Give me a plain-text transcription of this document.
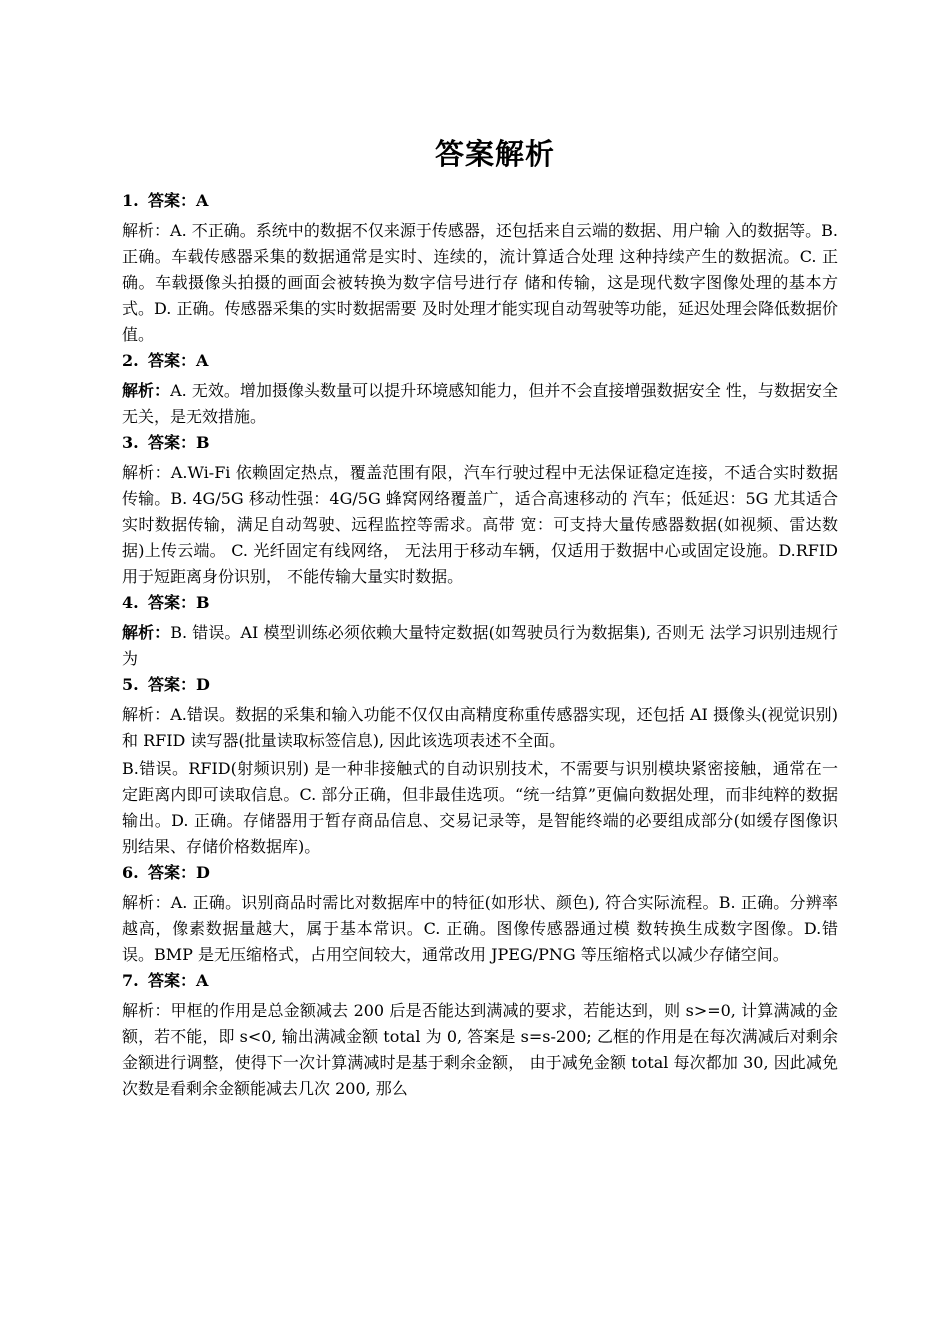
答案解析
1. 答案：A

解析：A. 不正确。系统中的数据不仅来源于传感器，还包括来自云端的数据、用户输 入的数据等。B. 正确。车载传感器采集的数据通常是实时、连续的，流计算适合处理 这种持续产生的数据流。C. 正确。车载摄像头拍摄的画面会被转换为数字信号进行存 储和传输，这是现代数字图像处理的基本方式。D. 正确。传感器采集的实时数据需要 及时处理才能实现自动驾驶等功能，延迟处理会降低数据价值。

2. 答案：A

解析：A. 无效。增加摄像头数量可以提升环境感知能力，但并不会直接增强数据安全 性，与数据安全无关，是无效措施。

3. 答案：B

解析：A.Wi-Fi 依赖固定热点，覆盖范围有限，汽车行驶过程中无法保证稳定连接，不适合实时数据传输。B. 4G/5G 移动性强：4G/5G 蜂窝网络覆盖广，适合高速移动的 汽车；低延迟：5G 尤其适合实时数据传输，满足自动驾驶、远程监控等需求。高带 宽：可支持大量传感器数据(如视频、雷达数据)上传云端。 C. 光纤固定有线网络， 无法用于移动车辆，仅适用于数据中心或固定设施。D.RFID 用于短距离身份识别， 不能传输大量实时数据。

4. 答案：B

解析：B. 错误。AI 模型训练必须依赖大量特定数据(如驾驶员行为数据集), 否则无 法学习识别违规行为

5. 答案：D

解析：A.错误。数据的采集和输入功能不仅仅由高精度称重传感器实现，还包括 AI 摄像头(视觉识别) 和 RFID 读写器(批量读取标签信息), 因此该选项表述不全面。

B.错误。RFID(射频识别) 是一种非接触式的自动识别技术，不需要与识别模块紧密接触，通常在一定距离内即可读取信息。C. 部分正确，但非最佳选项。“统一结算”更偏向数据处理，而非纯粹的数据输出。D. 正确。存储器用于暂存商品信息、交易记录等，是智能终端的必要组成部分(如缓存图像识别结果、存储价格数据库)。

6. 答案：D

解析：A. 正确。识别商品时需比对数据库中的特征(如形状、颜色), 符合实际流程。B. 正确。分辨率越高，像素数据量越大，属于基本常识。C. 正确。图像传感器通过模 数转换生成数字图像。D.错误。BMP 是无压缩格式，占用空间较大，通常改用 JPEG/PNG 等压缩格式以减少存储空间。

7. 答案：A

解析：甲框的作用是总金额减去 200 后是否能达到满减的要求，若能达到，则 s>=0, 计算满减的金额，若不能，即 s<0, 输出满减金额 total 为 0, 答案是 s=s-200; 乙框的作用是在每次满减后对剩余金额进行调整，使得下一次计算满减时是基于剩余金额， 由于减免金额 total 每次都加 30, 因此减免次数是看剩余金额能减去几次 200, 那么
